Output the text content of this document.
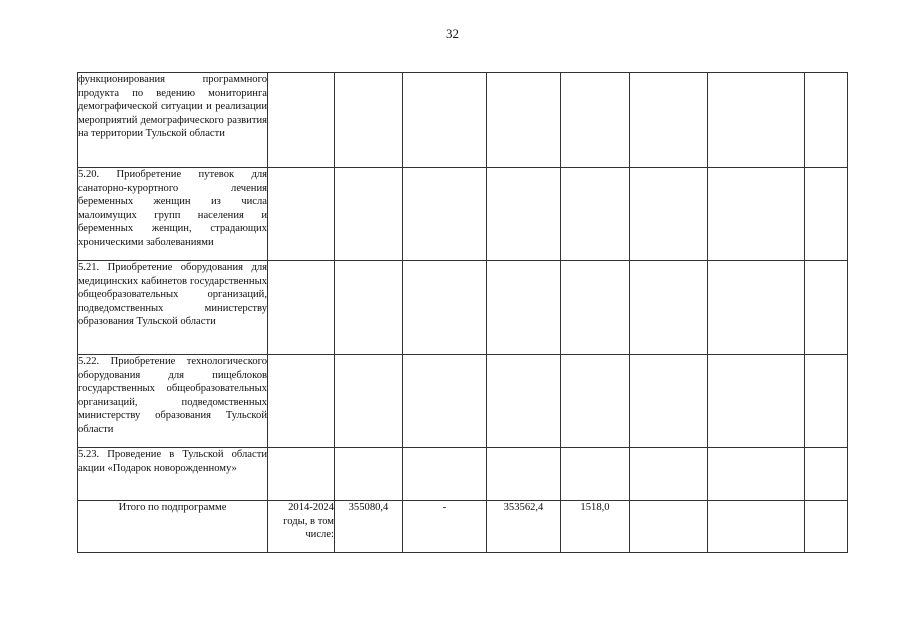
32
функционирования программного продукта по ведению мониторинга демографической ситуации и реализации мероприятий демографического развития на территории Тульской области								

5.20. Приобретение путевок для санаторно-курортного лечения беременных женщин из числа малоимущих групп населения и беременных женщин, страдающих хроническими заболеваниями								

5.21. Приобретение оборудования для медицинских кабинетов государственных общеобразовательных организаций, подведомственных министерству образования Тульской области								

5.22. Приобретение технологического оборудования для пищеблоков государственных общеобразовательных организаций, подведомственных министерству образования Тульской области								

5.23. Проведение в Тульской области акции «Подарок новорожденному»								

Итого по подпрограмме	2014-2024 годы, в том числе:	355080,4	-	353562,4	1518,0			
